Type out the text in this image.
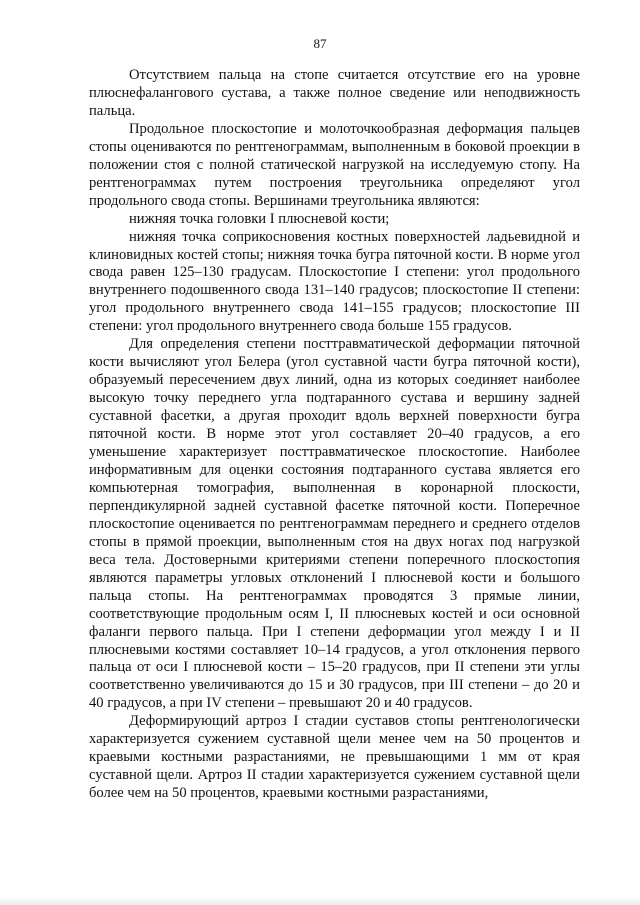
87

Отсутствием пальца на стопе считается отсутствие его на уровне плюснефалангового сустава, а также полное сведение или неподвижность пальца.

Продольное плоскостопие и молоточкообразная деформация пальцев стопы оцениваются по рентгенограммам, выполненным в боковой проекции в положении стоя с полной статической нагрузкой на исследуемую стопу. На рентгенограммах путем построения треугольника определяют угол продольного свода стопы. Вершинами треугольника являются:

нижняя точка головки I плюсневой кости;

нижняя точка соприкосновения костных поверхностей ладьевидной и клиновидных костей стопы; нижняя точка бугра пяточной кости. В норме угол свода равен 125–130 градусам. Плоскостопие I степени: угол продольного внутреннего подошвенного свода 131–140 градусов; плоскостопие II степени: угол продольного внутреннего свода 141–155 градусов; плоскостопие III степени: угол продольного внутреннего свода больше 155 градусов.

Для определения степени посттравматической деформации пяточной кости вычисляют угол Белера (угол суставной части бугра пяточной кости), образуемый пересечением двух линий, одна из которых соединяет наиболее высокую точку переднего угла подтаранного сустава и вершину задней суставной фасетки, а другая проходит вдоль верхней поверхности бугра пяточной кости. В норме этот угол составляет 20–40 градусов, а его уменьшение характеризует посттравматическое плоскостопие. Наиболее информативным для оценки состояния подтаранного сустава является его компьютерная томография, выполненная в коронарной плоскости, перпендикулярной задней суставной фасетке пяточной кости. Поперечное плоскостопие оценивается по рентгенограммам переднего и среднего отделов стопы в прямой проекции, выполненным стоя на двух ногах под нагрузкой веса тела. Достоверными критериями степени поперечного плоскостопия являются параметры угловых отклонений I плюсневой кости и большого пальца стопы. На рентгенограммах проводятся 3 прямые линии, соответствующие продольным осям I, II плюсневых костей и оси основной фаланги первого пальца. При I степени деформации угол между I и II плюсневыми костями составляет 10–14 градусов, а угол отклонения первого пальца от оси I плюсневой кости – 15–20 градусов, при II степени эти углы соответственно увеличиваются до 15 и 30 градусов, при III степени – до 20 и 40 градусов, а при IV степени – превышают 20 и 40 градусов.

Деформирующий артроз I стадии суставов стопы рентгенологически характеризуется сужением суставной щели менее чем на 50 процентов и краевыми костными разрастаниями, не превышающими 1 мм от края суставной щели. Артроз II стадии характеризуется сужением суставной щели более чем на 50 процентов, краевыми костными разрастаниями,
